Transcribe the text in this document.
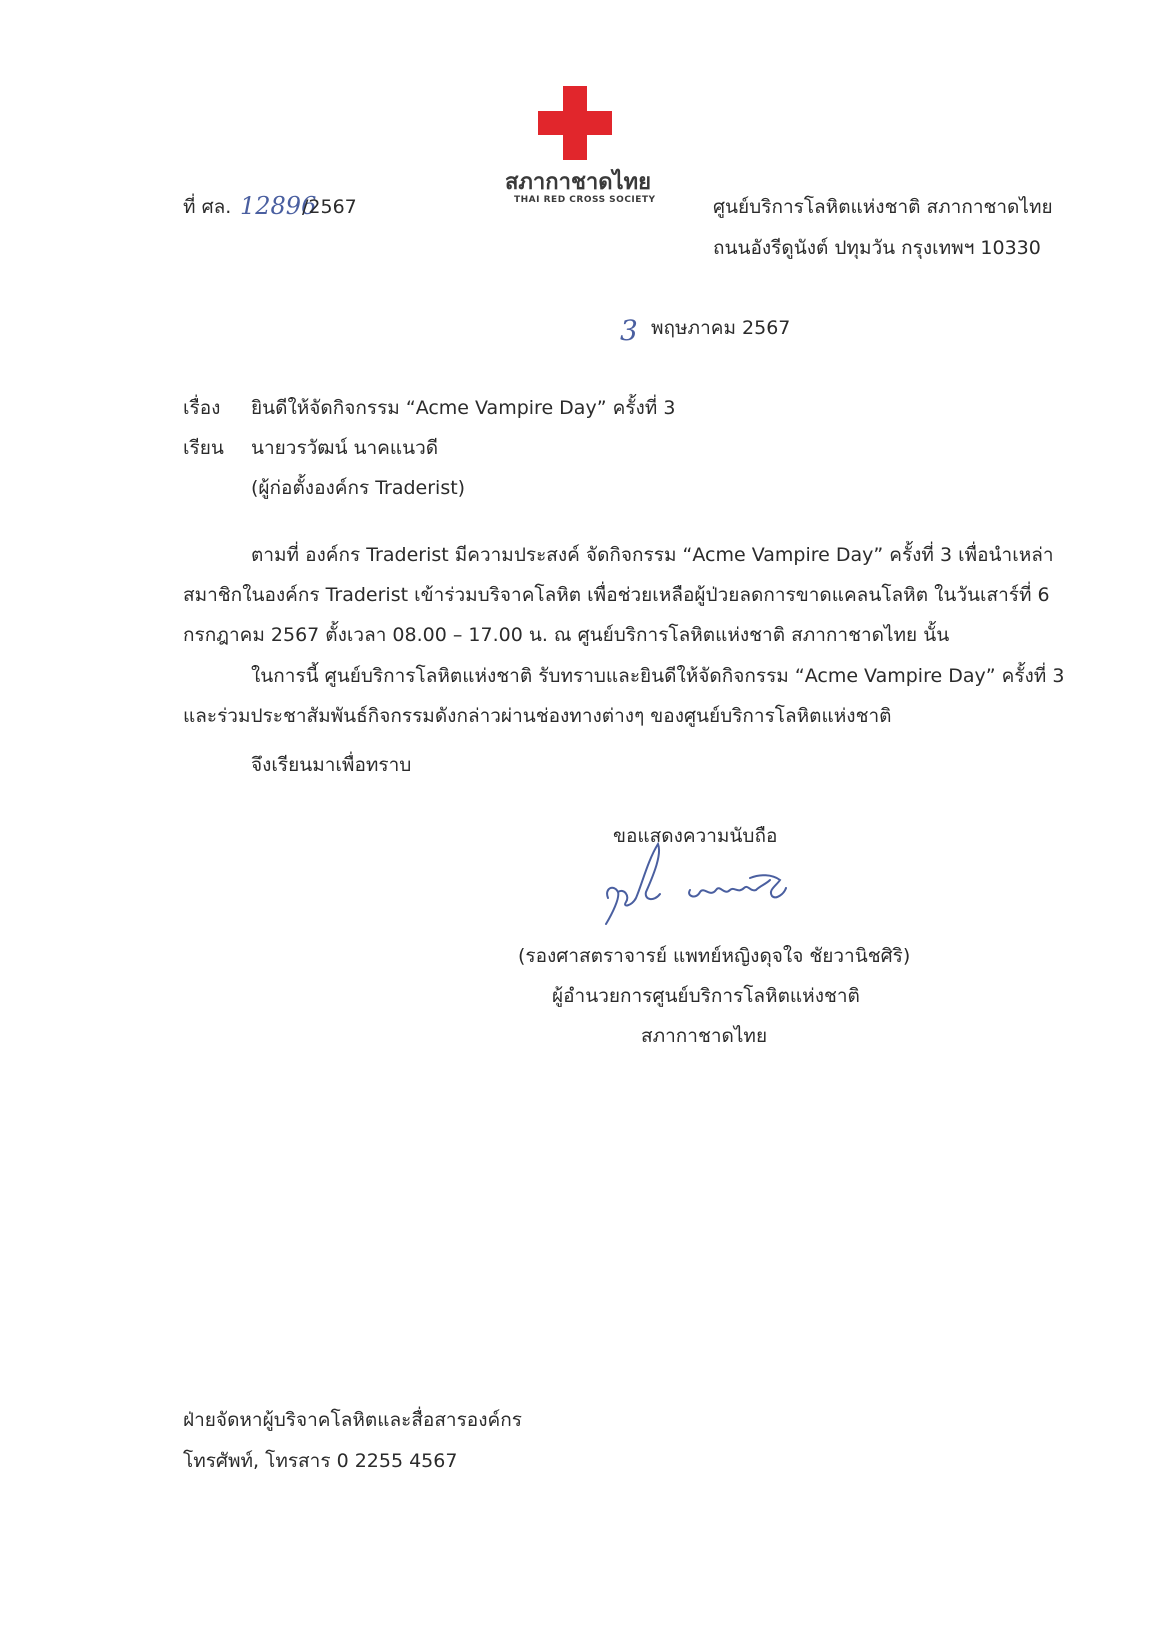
สภากาชาดไทย
THAI RED CROSS SOCIETY
ที่ ศล. 12896
/2567	ศูนย์บริการโลหิตแห่งชาติ สภากาชาดไทย
ถนนอังรีดูนังต์ ปทุมวัน กรุงเทพฯ 10330
3 พฤษภาคม 2567
เรื่อง ยินดีให้จัดกิจกรรม “Acme Vampire Day” ครั้งที่ 3
เรียน นายวรวัฒน์ นาคแนวดี
(ผู้ก่อตั้งองค์กร Traderist)
ตามที่ องค์กร Traderist มีความประสงค์ จัดกิจกรรม “Acme Vampire Day” ครั้งที่ 3 เพื่อนำเหล่า
สมาชิกในองค์กร Traderist เข้าร่วมบริจาคโลหิต เพื่อช่วยเหลือผู้ป่วยลดการขาดแคลนโลหิต ในวันเสาร์ที่ 6
กรกฎาคม 2567 ตั้งเวลา 08.00 – 17.00 น. ณ ศูนย์บริการโลหิตแห่งชาติ สภากาชาดไทย นั้น
ในการนี้ ศูนย์บริการโลหิตแห่งชาติ รับทราบและยินดีให้จัดกิจกรรม “Acme Vampire Day” ครั้งที่ 3
และร่วมประชาสัมพันธ์กิจกรรมดังกล่าวผ่านช่องทางต่างๆ ของศูนย์บริการโลหิตแห่งชาติ
จึงเรียนมาเพื่อทราบ
ขอแสดงความนับถือ
(รองศาสตราจารย์ แพทย์หญิงดุจใจ ชัยวานิชศิริ)
ผู้อำนวยการศูนย์บริการโลหิตแห่งชาติ
สภากาชาดไทย
ฝ่ายจัดหาผู้บริจาคโลหิตและสื่อสารองค์กร
โทรศัพท์, โทรสาร 0 2255 4567
